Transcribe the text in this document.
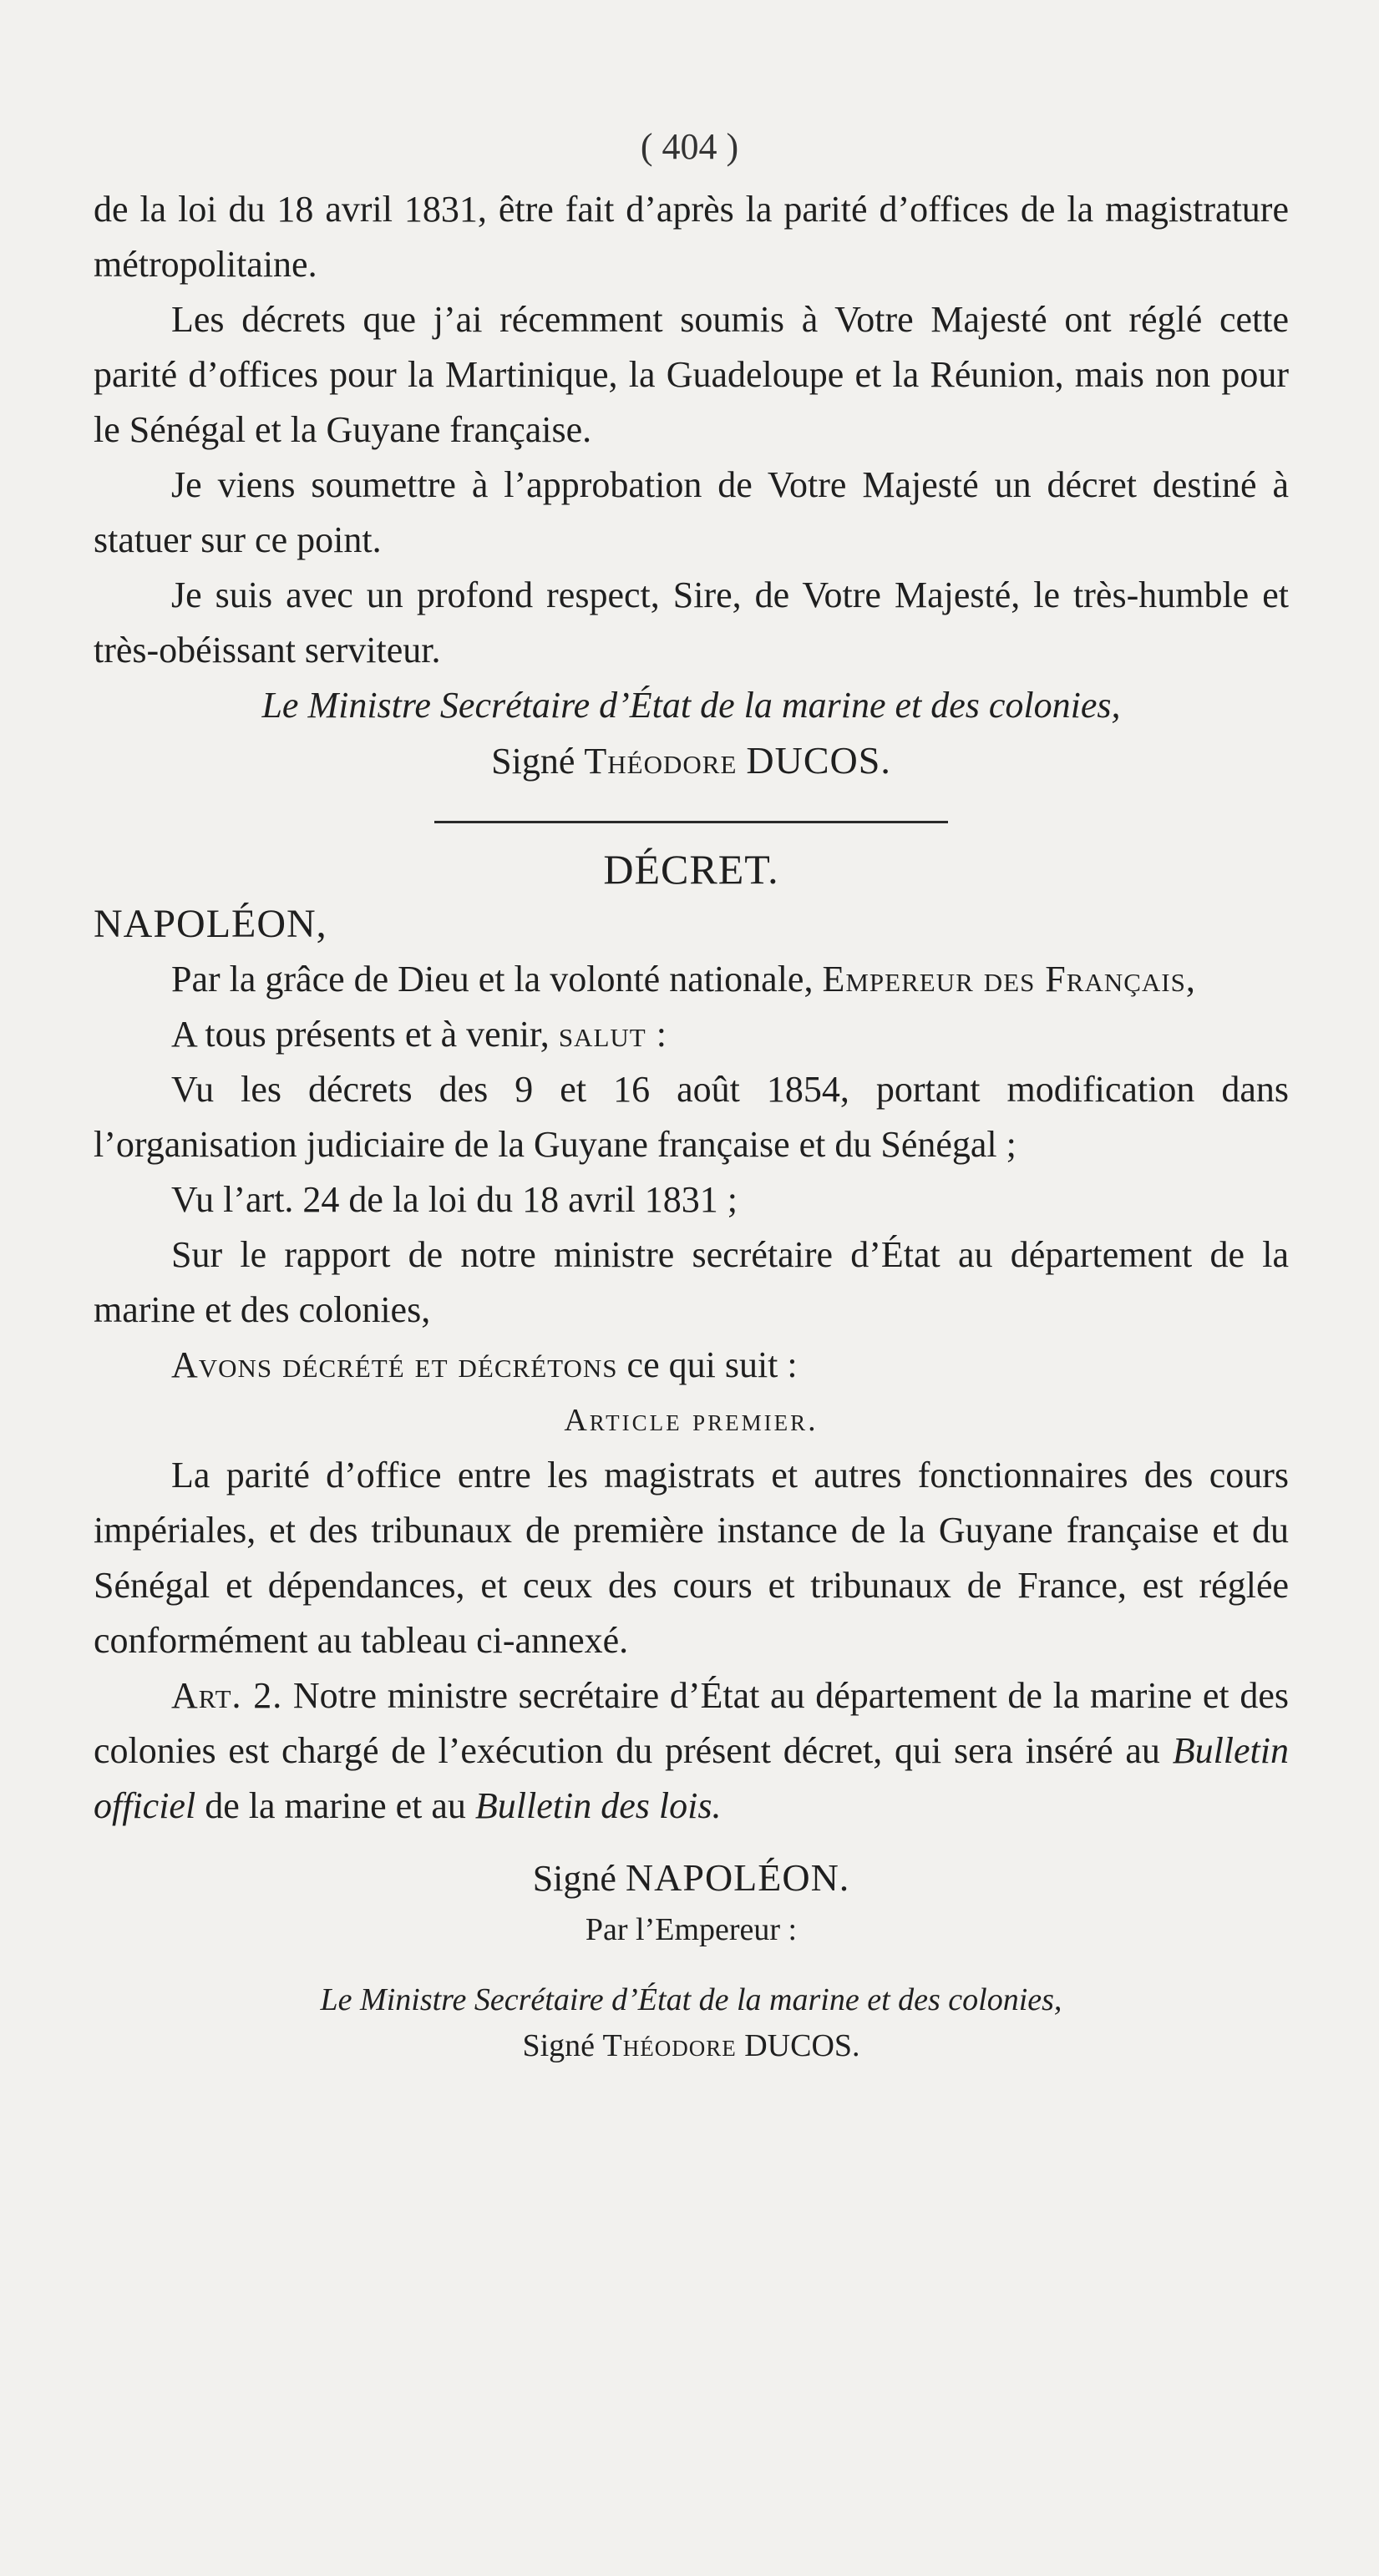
( 404 )

de la loi du 18 avril 1831, être fait d’après la parité d’offices de la magistrature métropolitaine.

Les décrets que j’ai récemment soumis à Votre Majesté ont réglé cette parité d’offices pour la Martinique, la Guadeloupe et la Réunion, mais non pour le Sénégal et la Guyane française.

Je viens soumettre à l’approbation de Votre Majesté un décret destiné à statuer sur ce point.

Je suis avec un profond respect, Sire, de Votre Majesté, le très-humble et très-obéissant serviteur.

Le Ministre Secrétaire d’État de la marine et des colonies,

Signé Théodore DUCOS.

DÉCRET.

NAPOLÉON,

Par la grâce de Dieu et la volonté nationale, Empereur des Français,

A tous présents et à venir, salut :

Vu les décrets des 9 et 16 août 1854, portant modification dans l’organisation judiciaire de la Guyane française et du Sénégal ;

Vu l’art. 24 de la loi du 18 avril 1831 ;

Sur le rapport de notre ministre secrétaire d’État au département de la marine et des colonies,

Avons décrété et décrétons ce qui suit :

Article premier.

La parité d’office entre les magistrats et autres fonctionnaires des cours impériales, et des tribunaux de première instance de la Guyane française et du Sénégal et dépendances, et ceux des cours et tribunaux de France, est réglée conformément au tableau ci-annexé.

Art. 2. Notre ministre secrétaire d’État au département de la marine et des colonies est chargé de l’exécution du présent décret, qui sera inséré au Bulletin officiel de la marine et au Bulletin des lois.

Signé NAPOLÉON.

Par l’Empereur :

Le Ministre Secrétaire d’État de la marine et des colonies,

Signé Théodore DUCOS.
